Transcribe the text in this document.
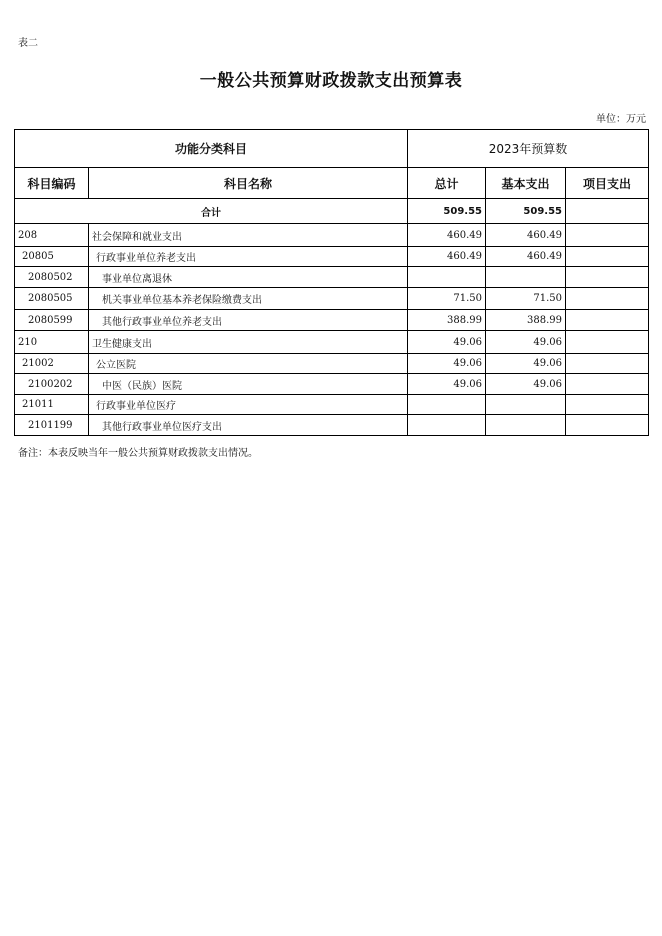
表二
一般公共预算财政拨款支出预算表
单位：万元
功能分类科目		2023年预算数		
科目编码	科目名称	总计	基本支出	项目支出
合计		509.55	509.55	
208	社会保障和就业支出	460.49	460.49	
20805	行政事业单位养老支出	460.49	460.49	
2080502	事业单位离退休			
2080505	机关事业单位基本养老保险缴费支出	71.50	71.50	
2080599	其他行政事业单位养老支出	388.99	388.99	
210	卫生健康支出	49.06	49.06	
21002	公立医院	49.06	49.06	
2100202	中医（民族）医院	49.06	49.06	
21011	行政事业单位医疗			
2101199	其他行政事业单位医疗支出			
备注：本表反映当年一般公共预算财政拨款支出情况。
